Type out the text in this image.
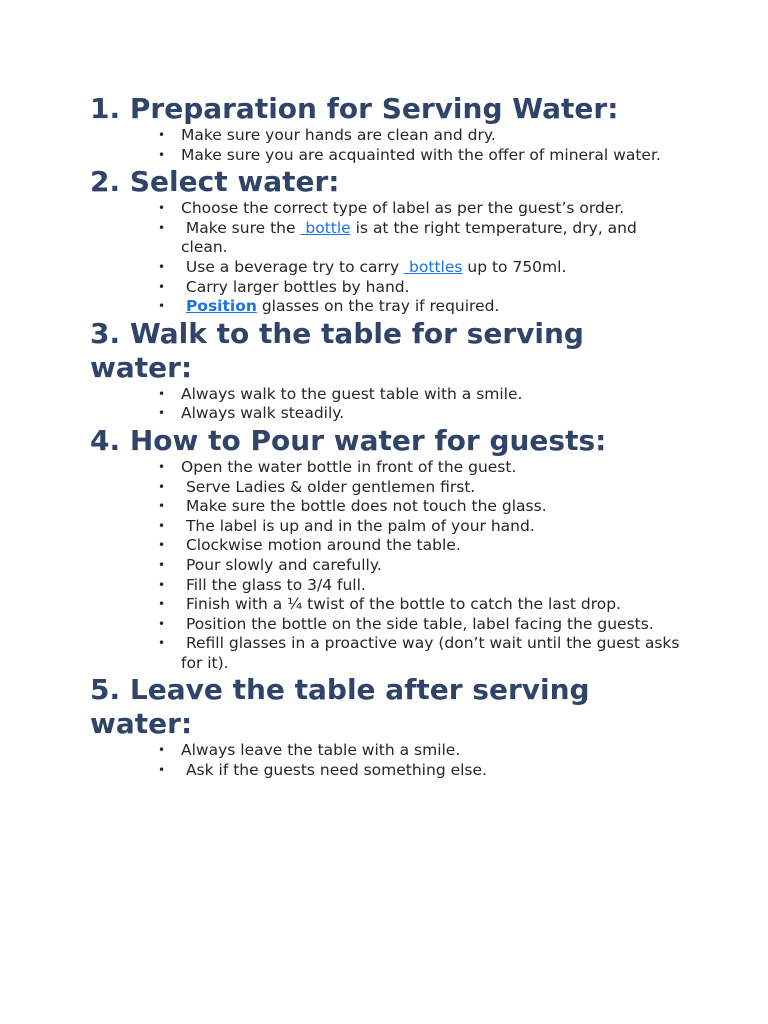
1. Preparation for Serving Water:
• Make sure your hands are clean and dry.
• Make sure you are acquainted with the offer of mineral water.
2. Select water:
• Choose the correct type of label as per the guest’s order.
•  Make sure the  bottle is at the right temperature, dry, and clean.
•  Use a beverage try to carry  bottles up to 750ml.
•  Carry larger bottles by hand.
• Position glasses on the tray if required.
3. Walk to the table for serving water:
• Always walk to the guest table with a smile.
• Always walk steadily.
4. How to Pour water for guests:
• Open the water bottle in front of the guest.
•  Serve Ladies & older gentlemen first.
•  Make sure the bottle does not touch the glass.
•  The label is up and in the palm of your hand.
•  Clockwise motion around the table.
•  Pour slowly and carefully.
•  Fill the glass to 3/4 full.
•  Finish with a ¼ twist of the bottle to catch the last drop.
•  Position the bottle on the side table, label facing the guests.
•  Refill glasses in a proactive way (don’t wait until the guest asks for it).
5. Leave the table after serving water:
• Always leave the table with a smile.
•  Ask if the guests need something else.
